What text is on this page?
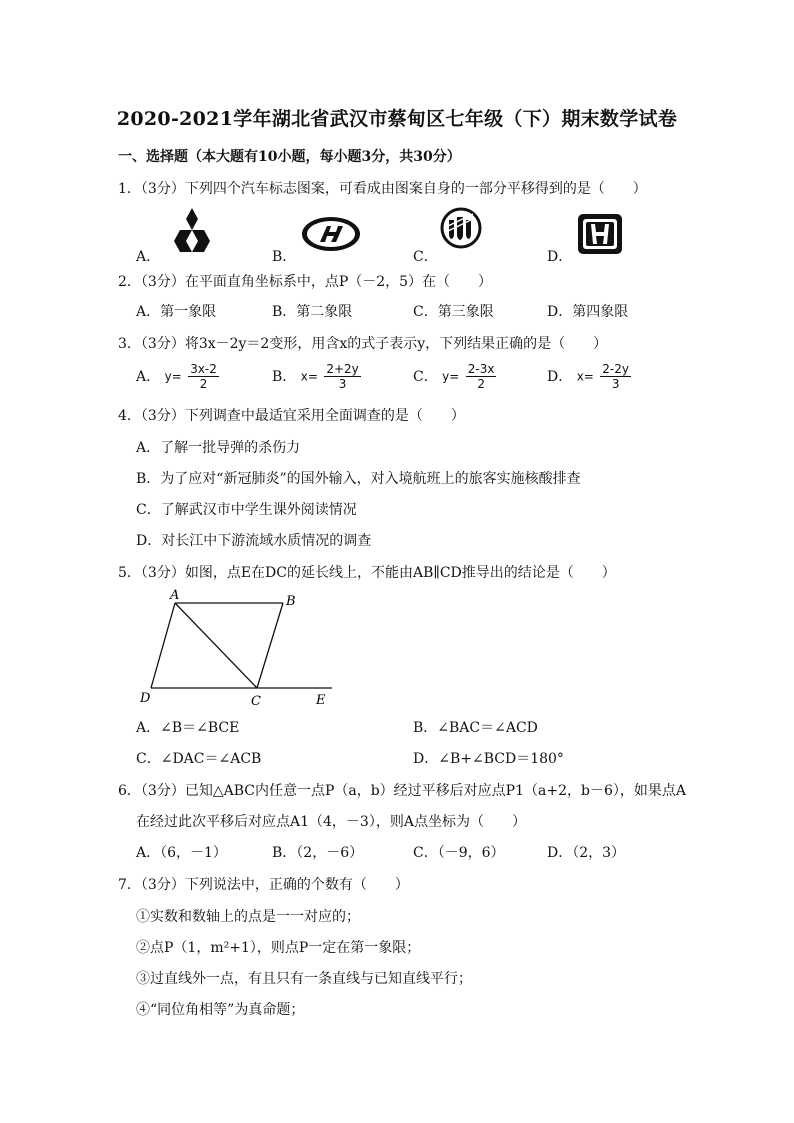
2020-2021学年湖北省武汉市蔡甸区七年级（下）期末数学试卷
一、选择题（本大题有10小题，每小题3分，共30分）
1．（3分）下列四个汽车标志图案，可看成由图案自身的一部分平移得到的是（　　）
A．	B．	C．	D．
2．（3分）在平面直角坐标系中，点P（－2，5）在（　　）
A．第一象限	B．第二象限	C．第三象限	D．第四象限
3．（3分）将3x－2y＝2变形，用含x的式子表示y，下列结果正确的是（　　）
A． $y= \frac{3x-2}{2}$	B． $x= \frac{2+2y}{3}$	C． $y= \frac{2-3x}{2}$	D． $x= \frac{2-2y}{3}$
4．（3分）下列调查中最适宜采用全面调查的是（　　）
A．了解一批导弹的杀伤力
B．为了应对“新冠肺炎”的国外输入，对入境航班上的旅客实施核酸排查
C．了解武汉市中学生课外阅读情况
D．对长江中下游流域水质情况的调查
5．（3分）如图，点E在DC的延长线上，不能由AB∥CD推导出的结论是（　　）
A	B
C
D	E
A．∠B＝∠BCE	B．∠BAC＝∠ACD
C．∠DAC＝∠ACB	D．∠B+∠BCD＝180°
6．（3分）已知△ABC内任意一点P（a，b）经过平移后对应点P1（a+2，b－6），如果点A
在经过此次平移后对应点A1（4，－3），则A点坐标为（　　）
A．（6，－1）	B．（2，－6）	C．（－9，6）	D．（2，3）
7．（3分）下列说法中，正确的个数有（　　）
①实数和数轴上的点是一一对应的；
②点P（1，m²+1），则点P一定在第一象限；
③过直线外一点，有且只有一条直线与已知直线平行；
④“同位角相等”为真命题；
